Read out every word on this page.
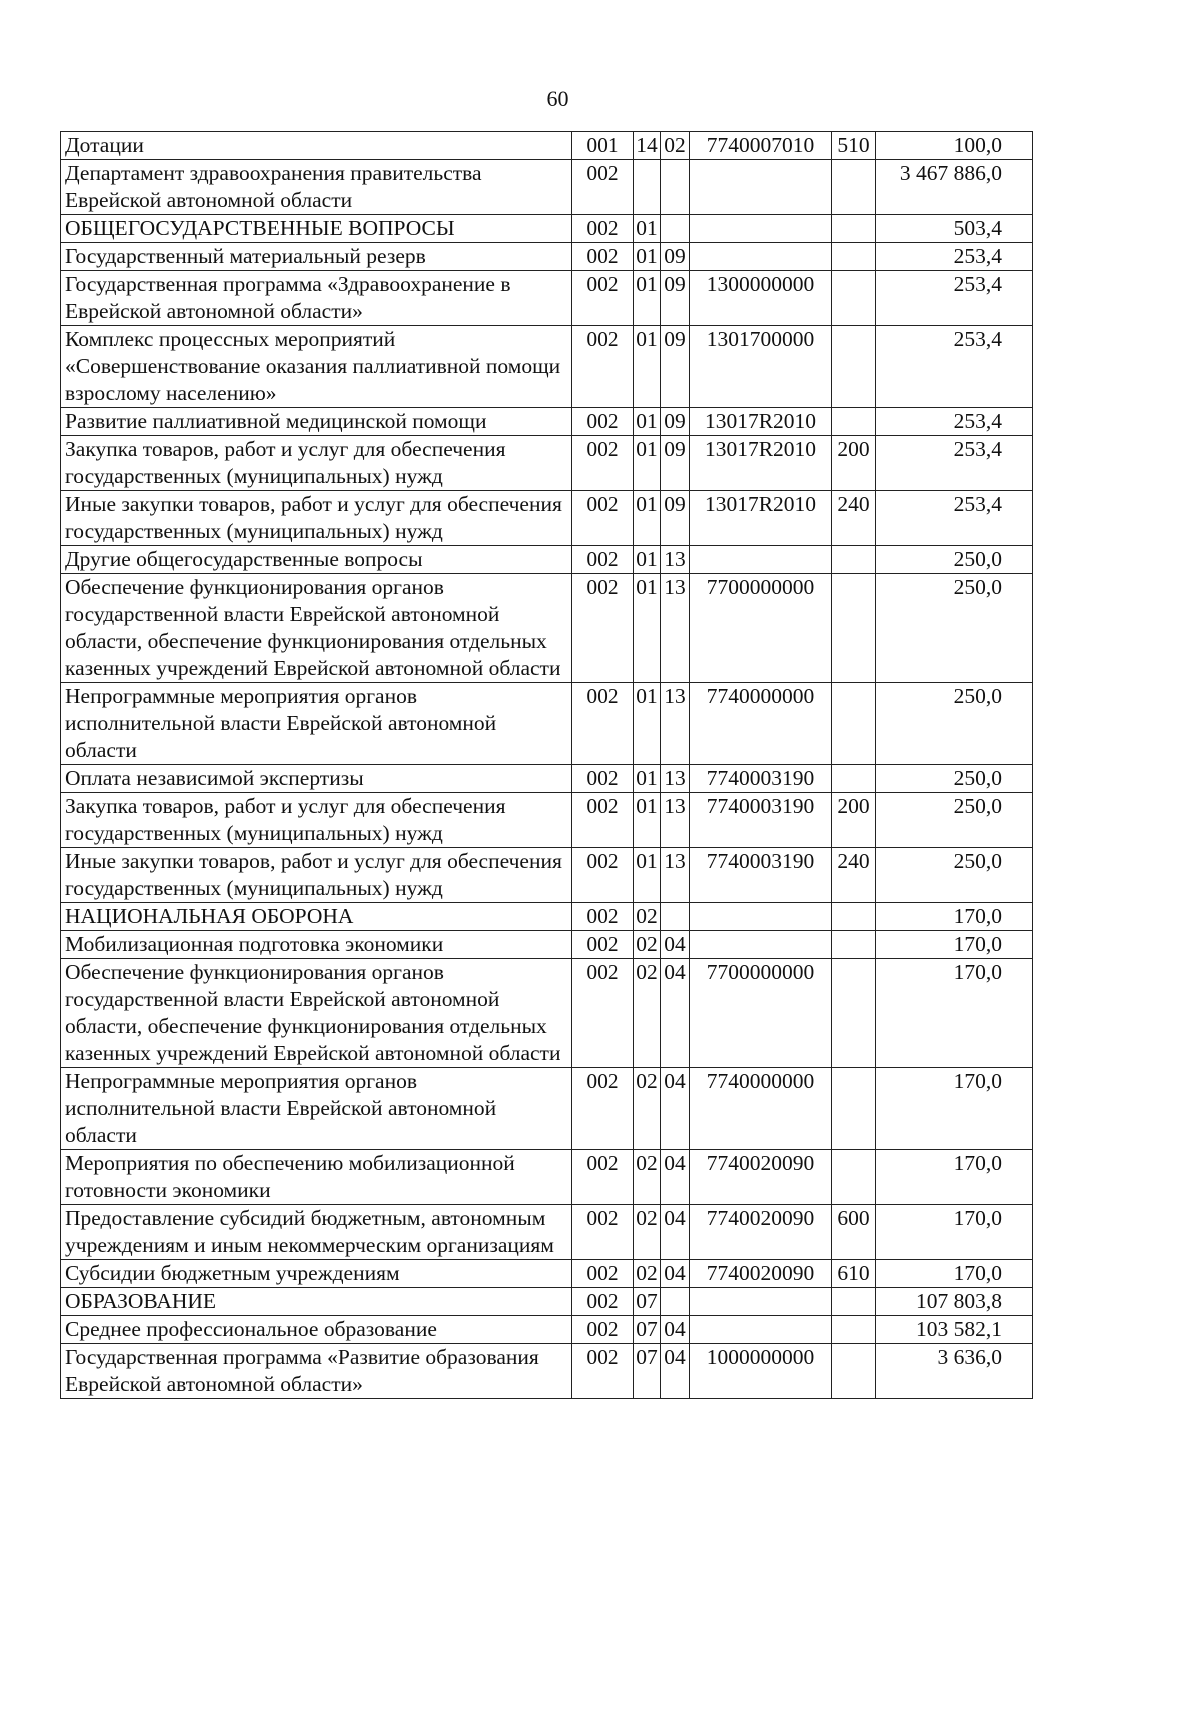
60
Дотации	001	14	02	7740007010	510	100,0
Департамент здравоохранения правительства Еврейской автономной области	002					3 467 886,0
ОБЩЕГОСУДАРСТВЕННЫЕ ВОПРОСЫ	002	01				503,4
Государственный материальный резерв	002	01	09			253,4
Государственная программа «Здравоохранение в Еврейской автономной области»	002	01	09	1300000000		253,4
Комплекс процессных мероприятий «Совершенствование оказания паллиативной помощи взрослому населению»	002	01	09	1301700000		253,4
Развитие паллиативной медицинской помощи	002	01	09	13017R2010		253,4
Закупка товаров, работ и услуг для обеспечения государственных (муниципальных) нужд	002	01	09	13017R2010	200	253,4
Иные закупки товаров, работ и услуг для обеспечения государственных (муниципальных) нужд	002	01	09	13017R2010	240	253,4
Другие общегосударственные вопросы	002	01	13			250,0
Обеспечение функционирования органов государственной власти Еврейской автономной области, обеспечение функционирования отдельных казенных учреждений Еврейской автономной области	002	01	13	7700000000		250,0
Непрограммные мероприятия органов исполнительной власти Еврейской автономной области	002	01	13	7740000000		250,0
Оплата независимой экспертизы	002	01	13	7740003190		250,0
Закупка товаров, работ и услуг для обеспечения государственных (муниципальных) нужд	002	01	13	7740003190	200	250,0
Иные закупки товаров, работ и услуг для обеспечения государственных (муниципальных) нужд	002	01	13	7740003190	240	250,0
НАЦИОНАЛЬНАЯ ОБОРОНА	002	02				170,0
Мобилизационная подготовка экономики	002	02	04			170,0
Обеспечение функционирования органов государственной власти Еврейской автономной области, обеспечение функционирования отдельных казенных учреждений Еврейской автономной области	002	02	04	7700000000		170,0
Непрограммные мероприятия органов исполнительной власти Еврейской автономной области	002	02	04	7740000000		170,0
Мероприятия по обеспечению мобилизационной готовности экономики	002	02	04	7740020090		170,0
Предоставление субсидий бюджетным, автономным учреждениям и иным некоммерческим организациям	002	02	04	7740020090	600	170,0
Субсидии бюджетным учреждениям	002	02	04	7740020090	610	170,0
ОБРАЗОВАНИЕ	002	07				107 803,8
Среднее профессиональное образование	002	07	04			103 582,1
Государственная программа «Развитие образования Еврейской автономной области»	002	07	04	1000000000		3 636,0
